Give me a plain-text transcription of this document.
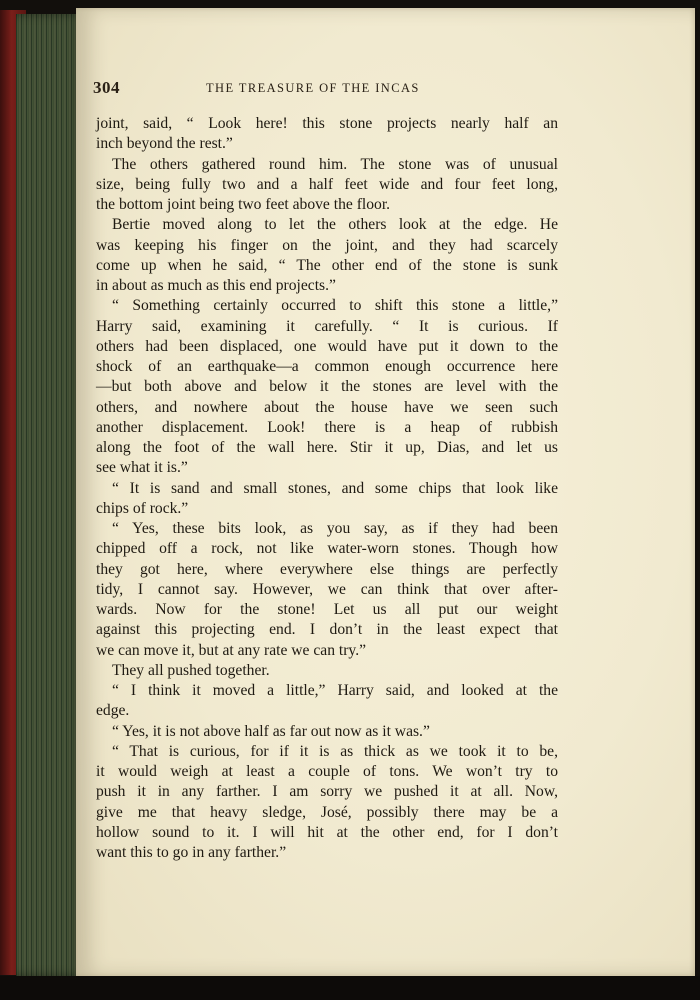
304	THE TREASURE OF THE INCAS
joint, said, “ Look here! this stone projects nearly half an
inch beyond the rest.”
The others gathered round him. The stone was of unusual
size, being fully two and a half feet wide and four feet long,
the bottom joint being two feet above the floor.
Bertie moved along to let the others look at the edge. He
was keeping his finger on the joint, and they had scarcely
come up when he said, “ The other end of the stone is sunk
in about as much as this end projects.”
“ Something certainly occurred to shift this stone a little,”
Harry said, examining it carefully. “ It is curious. If
others had been displaced, one would have put it down to the
shock of an earthquake—a common enough occurrence here
—but both above and below it the stones are level with the
others, and nowhere about the house have we seen such
another displacement. Look! there is a heap of rubbish
along the foot of the wall here. Stir it up, Dias, and let us
see what it is.”
“ It is sand and small stones, and some chips that look like
chips of rock.”
“ Yes, these bits look, as you say, as if they had been
chipped off a rock, not like water-worn stones. Though how
they got here, where everywhere else things are perfectly
tidy, I cannot say. However, we can think that over after-
wards. Now for the stone! Let us all put our weight
against this projecting end. I don’t in the least expect that
we can move it, but at any rate we can try.”
They all pushed together.
“ I think it moved a little,” Harry said, and looked at the
edge.
“ Yes, it is not above half as far out now as it was.”
“ That is curious, for if it is as thick as we took it to be,
it would weigh at least a couple of tons. We won’t try to
push it in any farther. I am sorry we pushed it at all. Now,
give me that heavy sledge, José, possibly there may be a
hollow sound to it. I will hit at the other end, for I don’t
want this to go in any farther.”
